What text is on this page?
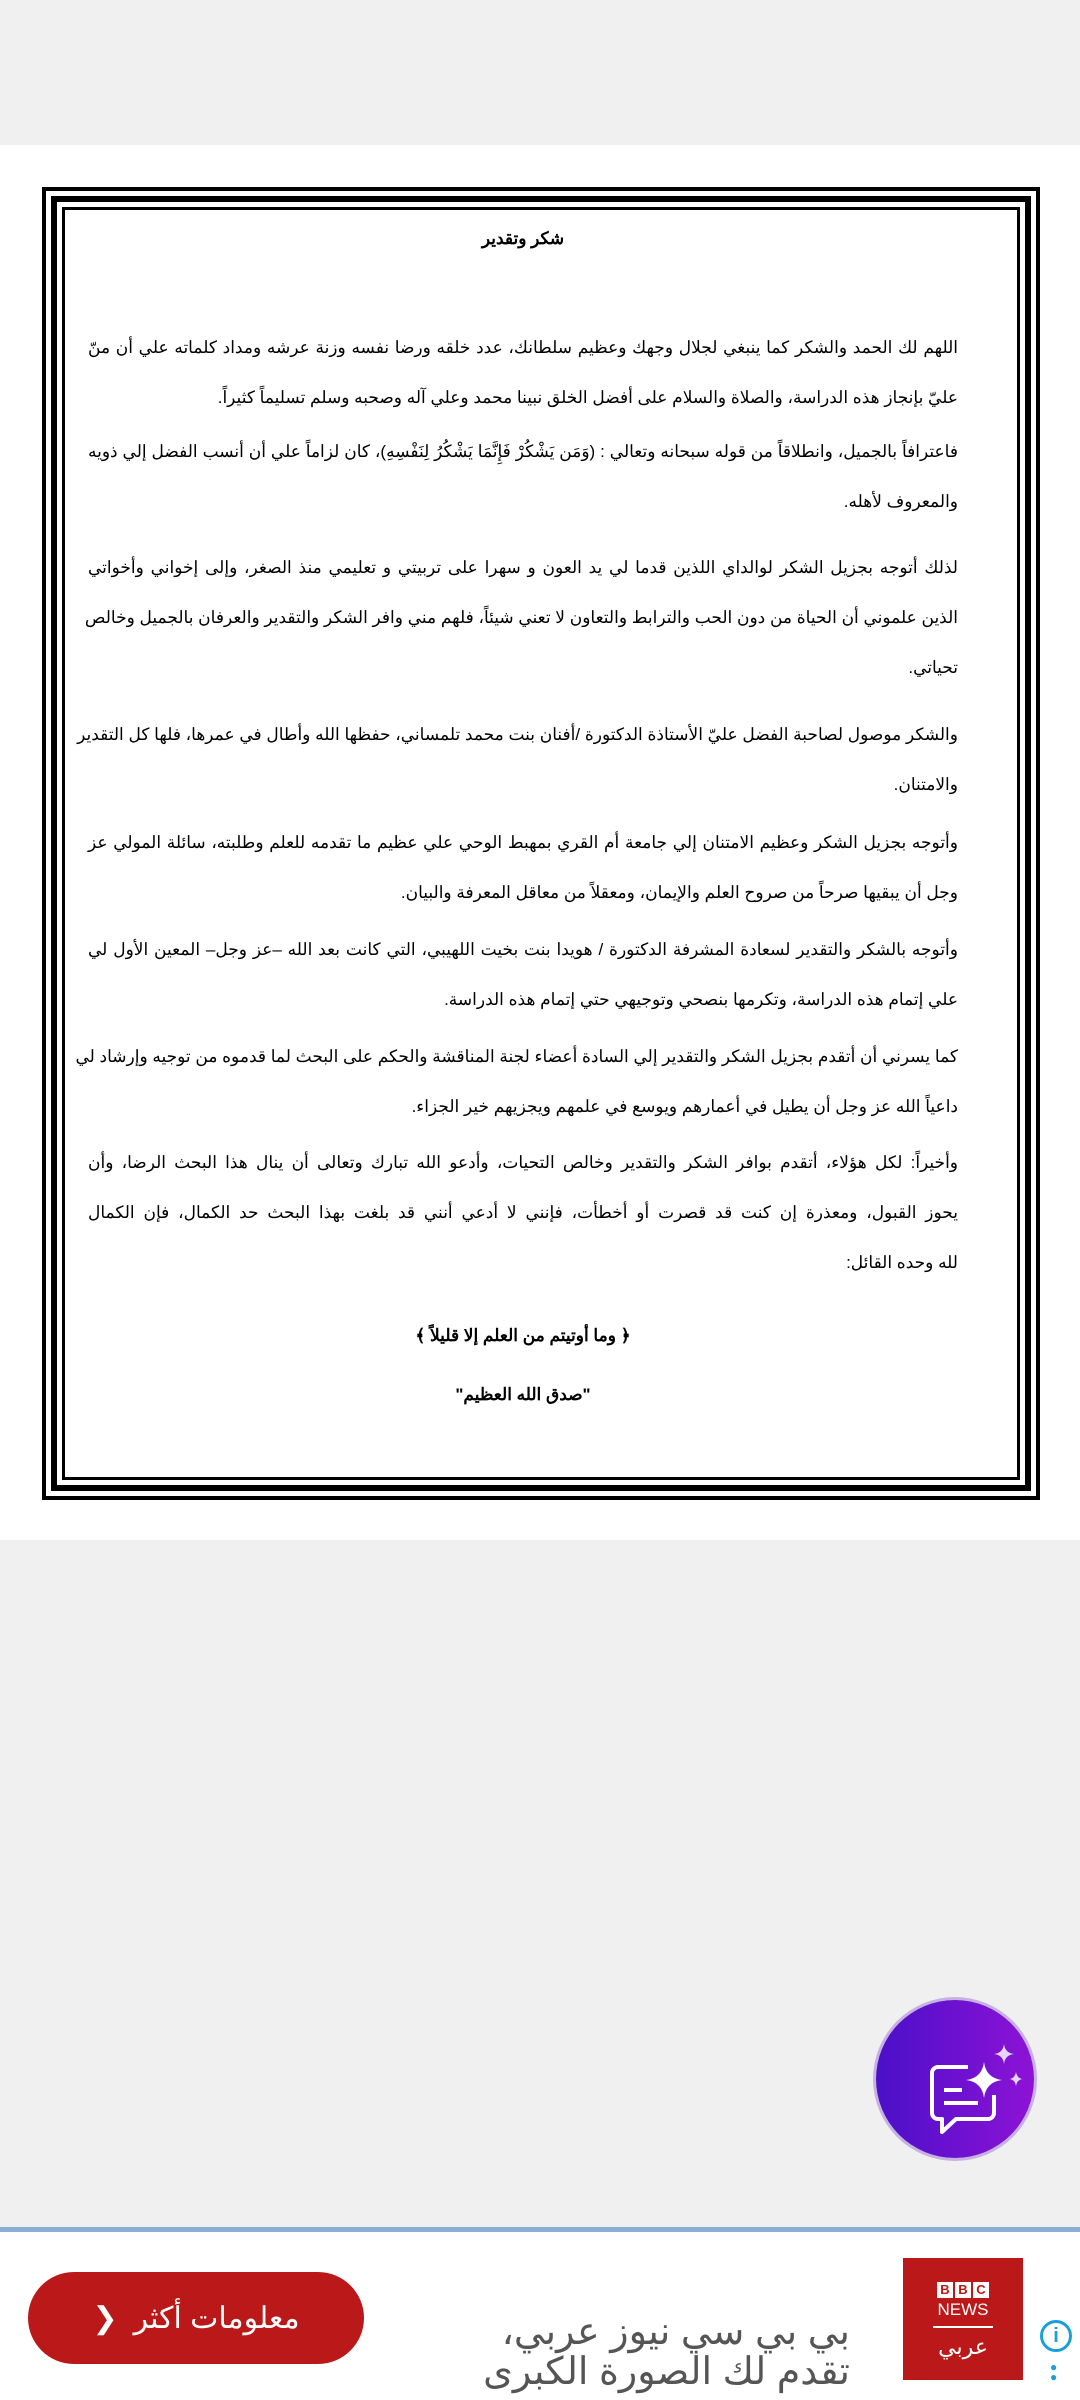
شكر وتقدير
اللهم لك الحمد والشكر كما ينبغي لجلال وجهك وعظيم سلطانك، عدد خلقه ورضا نفسه وزنة عرشه ومداد كلماته علي أن منّ
عليّ بإنجاز هذه الدراسة، والصلاة والسلام على أفضل الخلق نبينا محمد وعلي آله وصحبه وسلم تسليماً كثيراً.
فاعترافاً بالجميل، وانطلاقاً من قوله سبحانه وتعالي : (وَمَن يَشْكُرْ فَإِنَّمَا يَشْكُرُ لِنَفْسِهِ)، كان لزاماً علي أن أنسب الفضل إلي ذويه
والمعروف لأهله.
لذلك أتوجه بجزيل الشكر لوالداي اللذين قدما لي يد العون و سهرا على تربيتي و تعليمي منذ الصغر، وإلى إخواني وأخواتي
الذين علموني أن الحياة من دون الحب والترابط والتعاون لا تعني شيئاً، فلهم مني وافر الشكر والتقدير والعرفان بالجميل وخالص
تحياتي.
والشكر موصول لصاحبة الفضل عليّ الأستاذة الدكتورة /أفنان بنت محمد تلمساني، حفظها الله وأطال في عمرها، فلها كل التقدير
والامتنان.
وأتوجه بجزيل الشكر وعظيم الامتنان إلي جامعة أم القري بمهبط الوحي علي عظيم ما تقدمه للعلم وطلبته، سائلة المولي عز
وجل أن يبقيها صرحاً من صروح العلم والإيمان، ومعقلاً من معاقل المعرفة والبيان.
وأتوجه بالشكر والتقدير لسعادة المشرفة الدكتورة / هويدا بنت بخيت اللهيبي، التي كانت بعد الله –عز وجل– المعين الأول لي
علي إتمام هذه الدراسة، وتكرمها بنصحي وتوجيهي حتي إتمام هذه الدراسة.
كما يسرني أن أتقدم بجزيل الشكر والتقدير إلي السادة أعضاء لجنة المناقشة والحكم على البحث لما قدموه من توجيه وإرشاد لي
داعياً الله عز وجل أن يطيل في أعمارهم ويوسع في علمهم ويجزيهم خير الجزاء.
وأخيراً: لكل هؤلاء، أتقدم بوافر الشكر والتقدير وخالص التحيات، وأدعو الله تبارك وتعالى أن ينال هذا البحث الرضا، وأن
يحوز القبول، ومعذرة إن كنت قد قصرت أو أخطأت، فإنني لا أدعي أنني قد بلغت بهذا البحث حد الكمال، فإن الكمال
لله وحده القائل:
﴿ وما أوتيتم من العلم إلا قليلاً ﴾
"صدق الله العظيم"
معلومات أكثر
❮	بي بي سي نيوز عربي، تقدم لك الصورة الكبرى
B B C
NEWS
عربي	i
●
●
